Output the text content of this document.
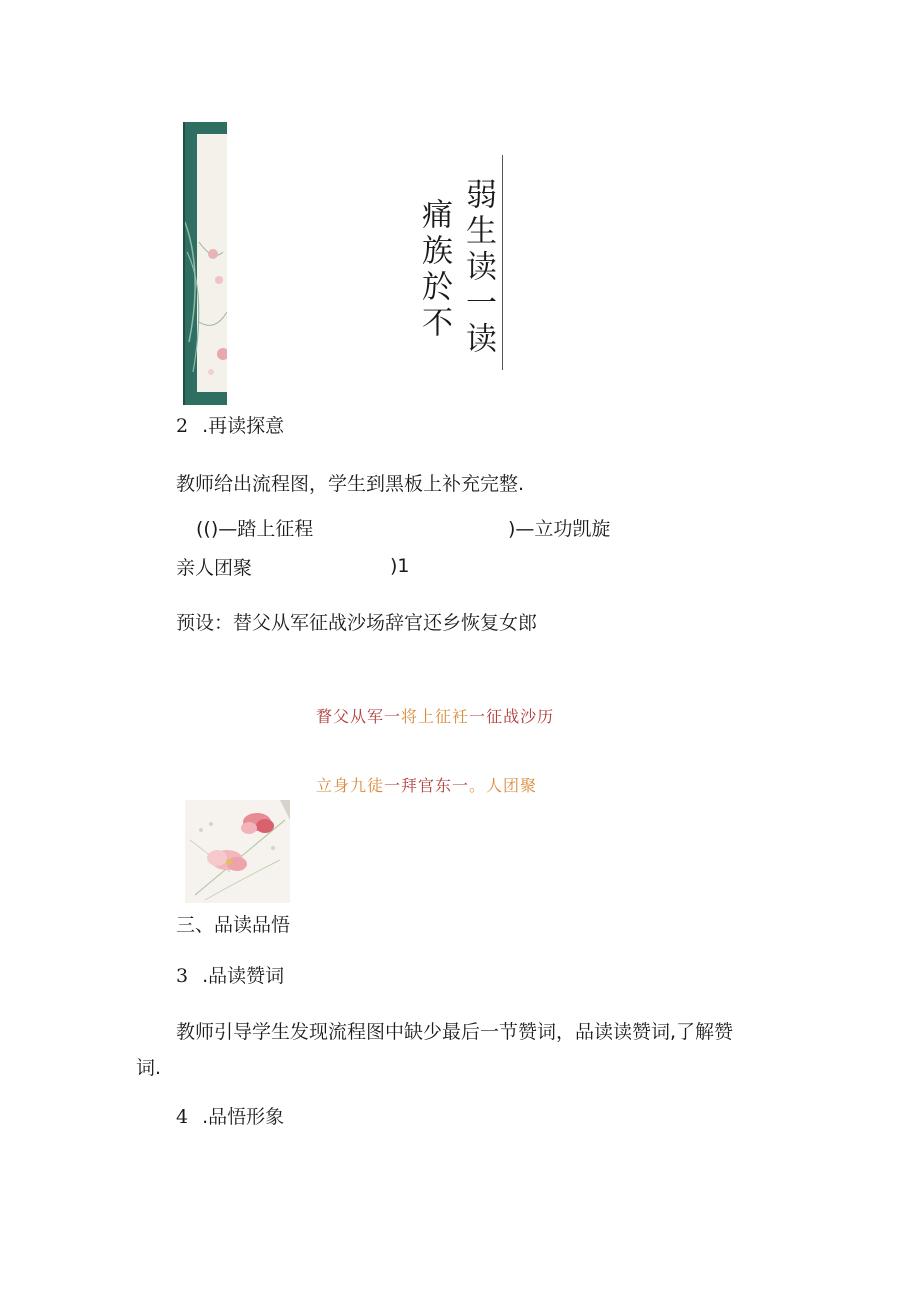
弱生读一读
痛族於不
2 .再读探意
教师给出流程图，学生到黑板上补充完整.
(()—踏上征程	)—立功凯旋
亲人团聚	)1
预设：替父从军征战沙场辞官还乡恢复女郎
瞀父从军一将上征衽一征战沙历
立身九徒一拜官东一。人团聚
三、品读品悟
3 .品读赞词
教师引导学生发现流程图中缺少最后一节赞词，品读读赞词,了解赞
词.
4 .品悟形象
